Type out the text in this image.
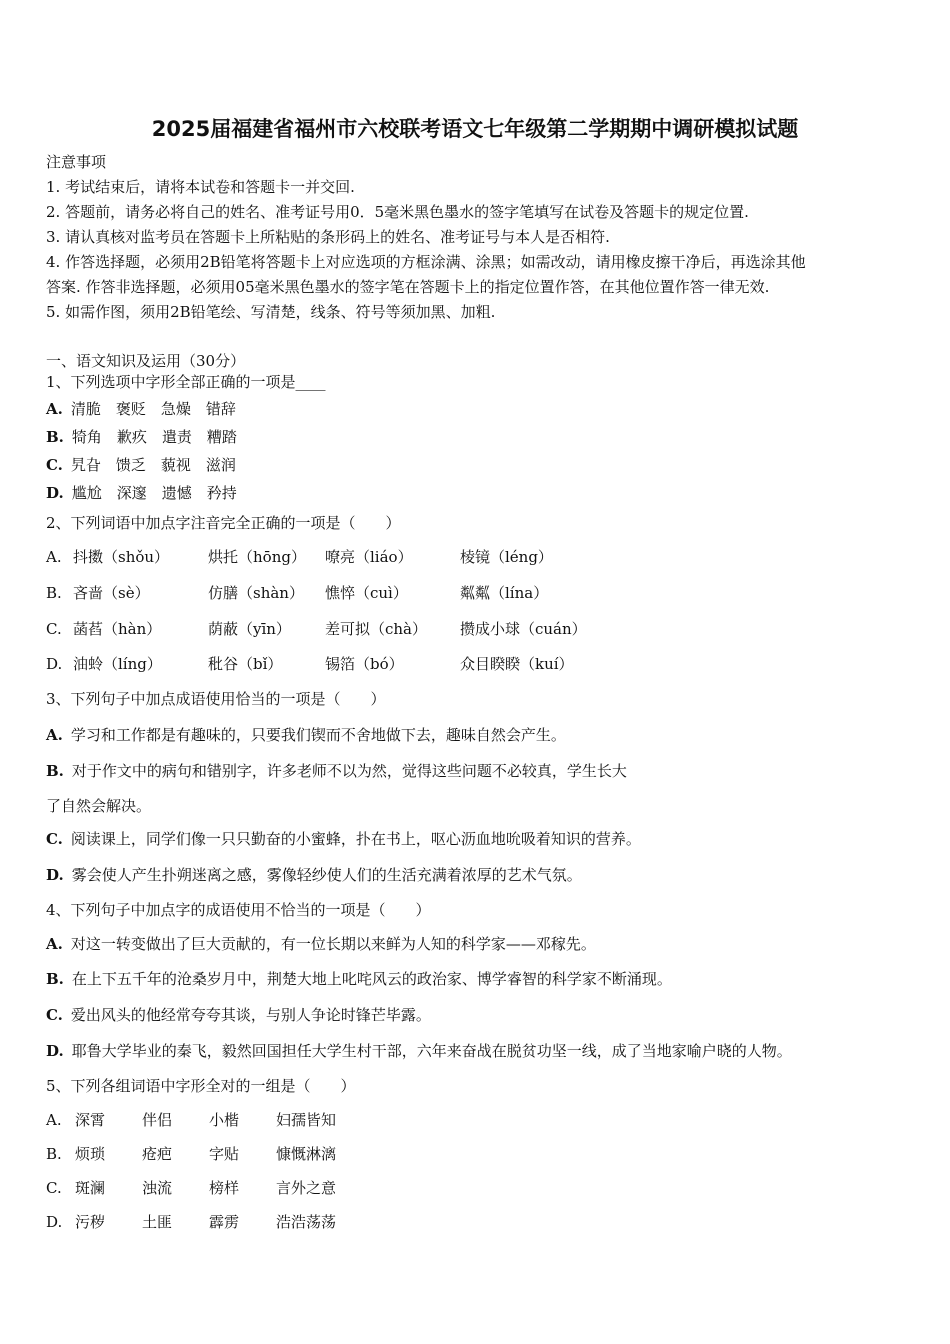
2025届福建省福州市六校联考语文七年级第二学期期中调研模拟试题
注意事项
1. 考试结束后，请将本试卷和答题卡一并交回.
2. 答题前，请务必将自己的姓名、准考证号用0．5毫米黑色墨水的签字笔填写在试卷及答题卡的规定位置.
3. 请认真核对监考员在答题卡上所粘贴的条形码上的姓名、准考证号与本人是否相符.
4. 作答选择题，必须用2B铅笔将答题卡上对应选项的方框涂满、涂黑；如需改动，请用橡皮擦干净后，再选涂其他
答案. 作答非选择题，必须用05毫米黑色墨水的签字笔在答题卡上的指定位置作答，在其他位置作答一律无效.
5. 如需作图，须用2B铅笔绘、写清楚，线条、符号等须加黑、加粗.
一、语文知识及运用（30分）
1、下列选项中字形全部正确的一项是____
A. 清脆　褒贬　急燥　错辞
B. 犄角　歉疚　遣责　糟踏
C. 旯旮　馈乏　藐视　滋润
D. 尴尬　深邃　遗憾　矜持
2、下列词语中加点字注音完全正确的一项是（　　）
A. 抖擞（shǒu）	烘托（hōng） 嘹亮（liáo）	棱镜（léng）
B. 吝啬（sè）	仿膳（shàn） 憔悴（cuì）	粼粼（lína）
C. 菡萏（hàn）	荫蔽（yīn） 差可拟（chà） 攒成小球（cuán）
D. 油蛉（líng）	秕谷（bǐ）	锡箔（bó）	众目睽睽（kuí）
3、下列句子中加点成语使用恰当的一项是（　　）
A. 学习和工作都是有趣味的，只要我们锲而不舍地做下去，趣味自然会产生。
B. 对于作文中的病句和错别字，许多老师不以为然，觉得这些问题不必较真，学生长大
了自然会解决。
C. 阅读课上，同学们像一只只勤奋的小蜜蜂，扑在书上，呕心沥血地吮吸着知识的营养。
D. 雾会使人产生扑朔迷离之感，雾像轻纱使人们的生活充满着浓厚的艺术气氛。
4、下列句子中加点字的成语使用不恰当的一项是（　　）
A. 对这一转变做出了巨大贡献的，有一位长期以来鲜为人知的科学家——邓稼先。
B. 在上下五千年的沧桑岁月中，荆楚大地上叱咤风云的政治家、博学睿智的科学家不断涌现。
C. 爱出风头的他经常夸夸其谈，与别人争论时锋芒毕露。
D. 耶鲁大学毕业的秦飞，毅然回国担任大学生村干部，六年来奋战在脱贫功坚一线，成了当地家喻户晓的人物。
5、下列各组词语中字形全对的一组是（　　）
A. 深霄 伴侣 小楷 妇孺皆知
B. 烦琐 疮疤 字贴 慷慨淋漓
C. 斑澜 浊流 榜样 言外之意
D. 污秽 土匪 霹雳 浩浩荡荡
